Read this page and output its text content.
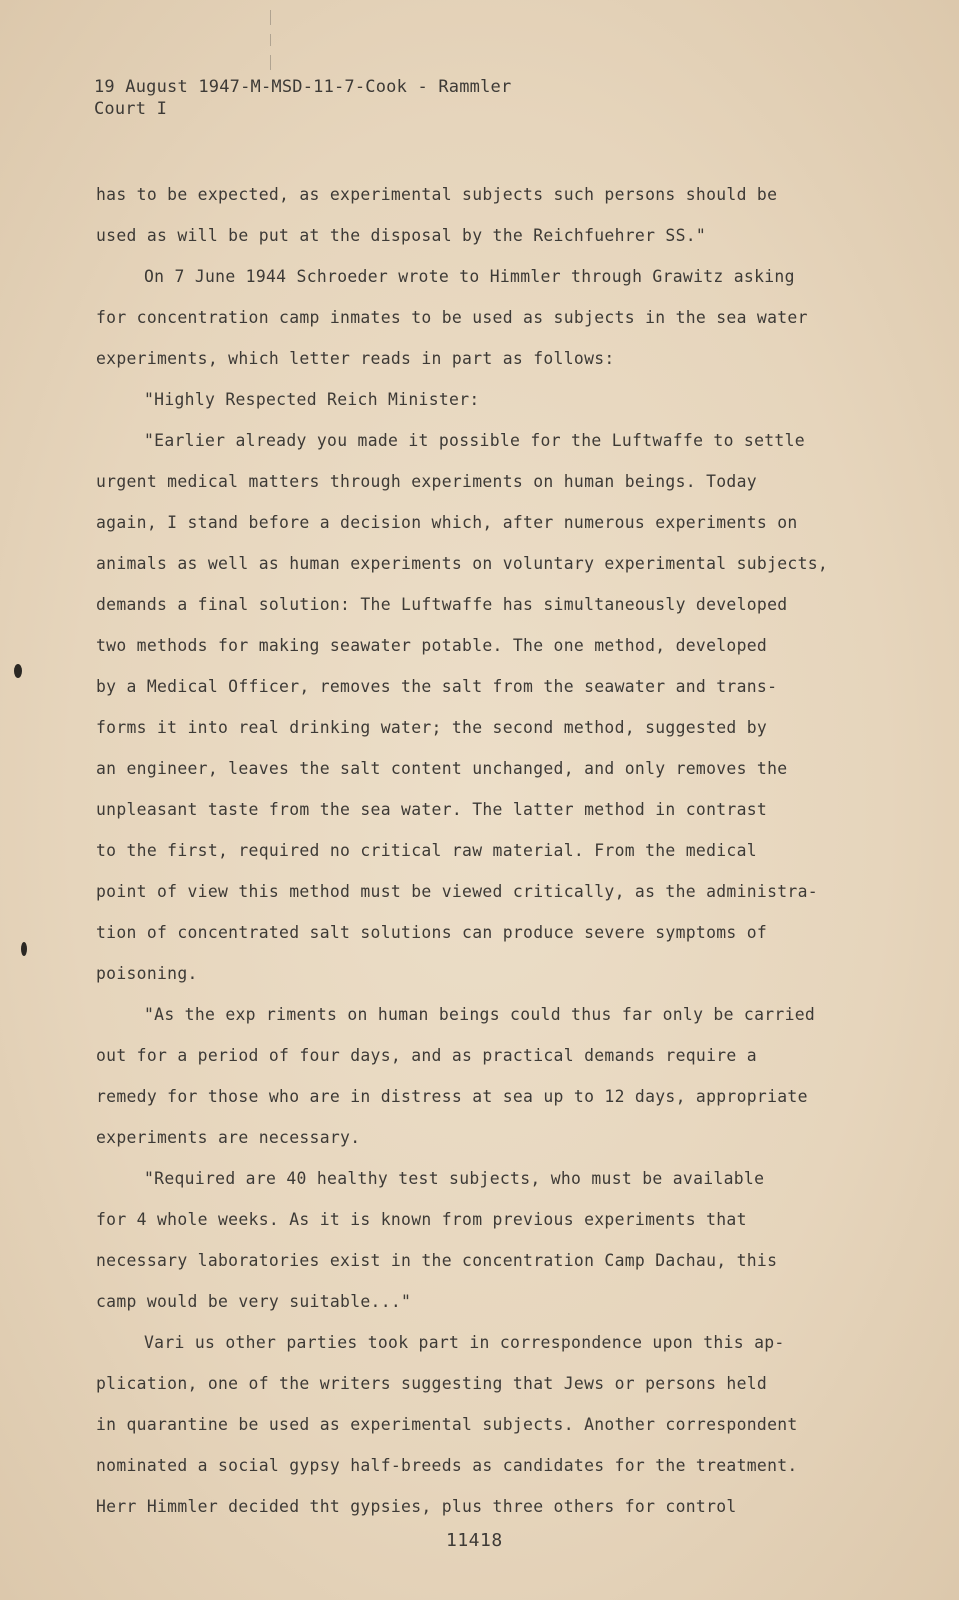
19 August 1947-M-MSD-11-7-Cook - Rammler
Court I
has to be expected, as experimental subjects such persons should be
used as will be put at the disposal by the Reichfuehrer SS."
On 7 June 1944 Schroeder wrote to Himmler through Grawitz asking
for concentration camp inmates to be used as subjects in the sea water
experiments, which letter reads in part as follows:
"Highly Respected Reich Minister:
"Earlier already you made it possible for the Luftwaffe to settle
urgent medical matters through experiments on human beings. Today
again, I stand before a decision which, after numerous experiments on
animals as well as human experiments on voluntary experimental subjects,
demands a final solution: The Luftwaffe has simultaneously developed
two methods for making seawater potable. The one method, developed
by a Medical Officer, removes the salt from the seawater and trans-
forms it into real drinking water; the second method, suggested by
an engineer, leaves the salt content unchanged, and only removes the
unpleasant taste from the sea water. The latter method in contrast
to the first, required no critical raw material. From the medical
point of view this method must be viewed critically, as the administra-
tion of concentrated salt solutions can produce severe symptoms of
poisoning.
"As the exp riments on human beings could thus far only be carried
out for a period of four days, and as practical demands require a
remedy for those who are in distress at sea up to 12 days, appropriate
experiments are necessary.
"Required are 40 healthy test subjects, who must be available
for 4 whole weeks. As it is known from previous experiments that
necessary laboratories exist in the concentration Camp Dachau, this
camp would be very suitable..."
Vari us other parties took part in correspondence upon this ap-
plication, one of the writers suggesting that Jews or persons held
in quarantine be used as experimental subjects. Another correspondent
nominated a social gypsy half-breeds as candidates for the treatment.
Herr Himmler decided tht gypsies, plus three others for control
11418
